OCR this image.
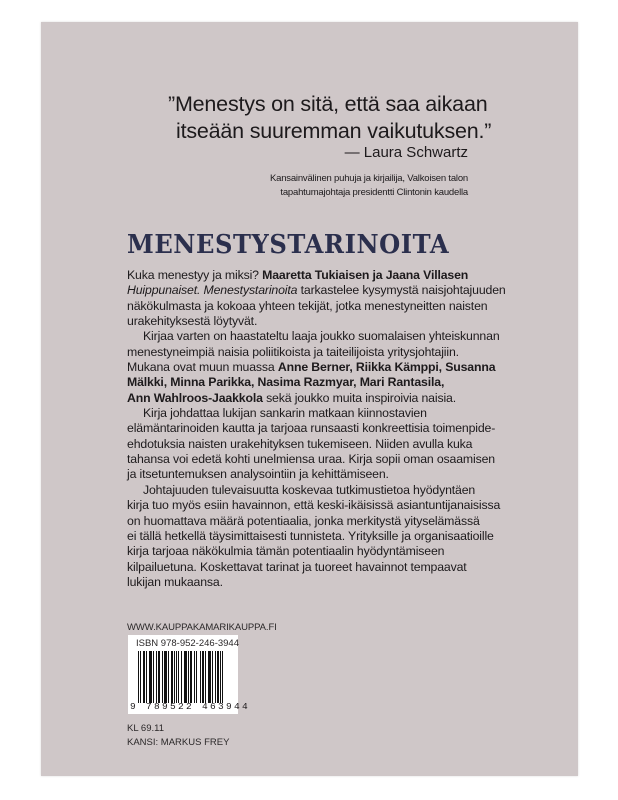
”Menestys on sitä, että saa aikaan
itseään suuremman vaikutuksen.”
— Laura Schwartz
Kansainvälinen puhuja ja kirjailija, Valkoisen talon
tapahtumajohtaja presidentti Clintonin kaudella
MENESTYSTARINOITA

Kuka menestyy ja miksi? Maaretta Tukiaisen ja Jaana Villasen
Huippunaiset. Menestystarinoita tarkastelee kysymystä naisjohtajuuden
näkökulmasta ja kokoaa yhteen tekijät, jotka menestyneitten naisten
urakehityksestä löytyvät.

Kirjaa varten on haastateltu laaja joukko suomalaisen yhteiskunnan
menestyneimpiä naisia poliitikoista ja taiteilijoista yritysjohtajiin.
Mukana ovat muun muassa Anne Berner, Riikka Kämppi, Susanna
Mälkki, Minna Parikka, Nasima Razmyar, Mari Rantasila,
Ann Wahlroos-Jaakkola sekä joukko muita inspiroivia naisia.

Kirja johdattaa lukijan sankarin matkaan kiinnostavien
elämäntarinoiden kautta ja tarjoaa runsaasti konkreettisia toimenpide-
ehdotuksia naisten urakehityksen tukemiseen. Niiden avulla kuka
tahansa voi edetä kohti unelmiensa uraa. Kirja sopii oman osaamisen
ja itsetuntemuksen analysointiin ja kehittämiseen.

Johtajuuden tulevaisuutta koskevaa tutkimustietoa hyödyntäen
kirja tuo myös esiin havainnon, että keski-ikäisissä asiantuntijanaisissa
on huomattava määrä potentiaalia, jonka merkitystä yityselämässä
ei tällä hetkellä täysimittaisesti tunnisteta. Yrityksille ja organisaatioille
kirja tarjoaa näkökulmia tämän potentiaalin hyödyntämiseen
kilpailuetuna. Koskettavat tarinat ja tuoreet havainnot tempaavat
lukijan mukaansa.

WWW.KAUPPAKAMARIKAUPPA.FI
ISBN 978-952-246-3944
9 789522 463944
KL 69.11
KANSI: MARKUS FREY
